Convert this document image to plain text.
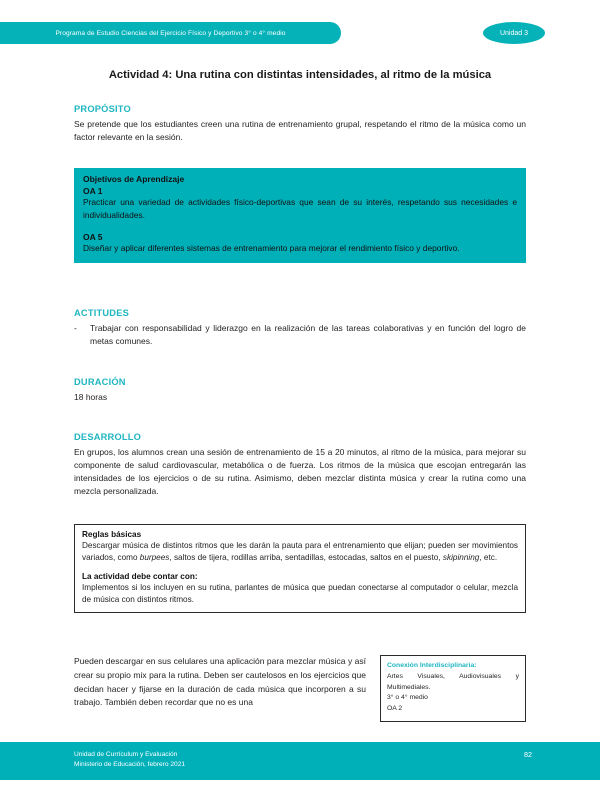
Programa de Estudio Ciencias del Ejercicio Físico y Deportivo 3° o 4° medio	Unidad 3
Actividad 4: Una rutina con distintas intensidades, al ritmo de la música
PROPÓSITO
Se pretende que los estudiantes creen una rutina de entrenamiento grupal, respetando el ritmo de la música como un factor relevante en la sesión.
Objetivos de Aprendizaje
OA 1
Practicar una variedad de actividades físico-deportivas que sean de su interés, respetando sus necesidades e individualidades.
OA 5
Diseñar y aplicar diferentes sistemas de entrenamiento para mejorar el rendimiento físico y deportivo.
ACTITUDES
-	Trabajar con responsabilidad y liderazgo en la realización de las tareas colaborativas y en función del logro de metas comunes.
DURACIÓN
18 horas
DESARROLLO
En grupos, los alumnos crean una sesión de entrenamiento de 15 a 20 minutos, al ritmo de la música, para mejorar su componente de salud cardiovascular, metabólica o de fuerza. Los ritmos de la música que escojan entregarán las intensidades de los ejercicios o de su rutina. Asimismo, deben mezclar distinta música y crear la rutina como una mezcla personalizada.
Reglas básicas
Descargar música de distintos ritmos que les darán la pauta para el entrenamiento que elijan; pueden ser movimientos variados, como burpees, saltos de tijera, rodillas arriba, sentadillas, estocadas, saltos en el puesto, skipinning, etc.
La actividad debe contar con:
Implementos si los incluyen en su rutina, parlantes de música que puedan conectarse al computador o celular, mezcla de música con distintos ritmos.
Pueden descargar en sus celulares una aplicación para mezclar música y así crear su propio mix para la rutina. Deben ser cautelosos en los ejercicios que decidan hacer y fijarse en la duración de cada música que incorporen a su trabajo. También deben recordar que no es una
Conexión Interdisciplinaria:
Artes Visuales, Audiovisuales y Multimediales.
3° o 4° medio
OA 2
Unidad de Currículum y Evaluación
Ministerio de Educación, febrero 2021
82
